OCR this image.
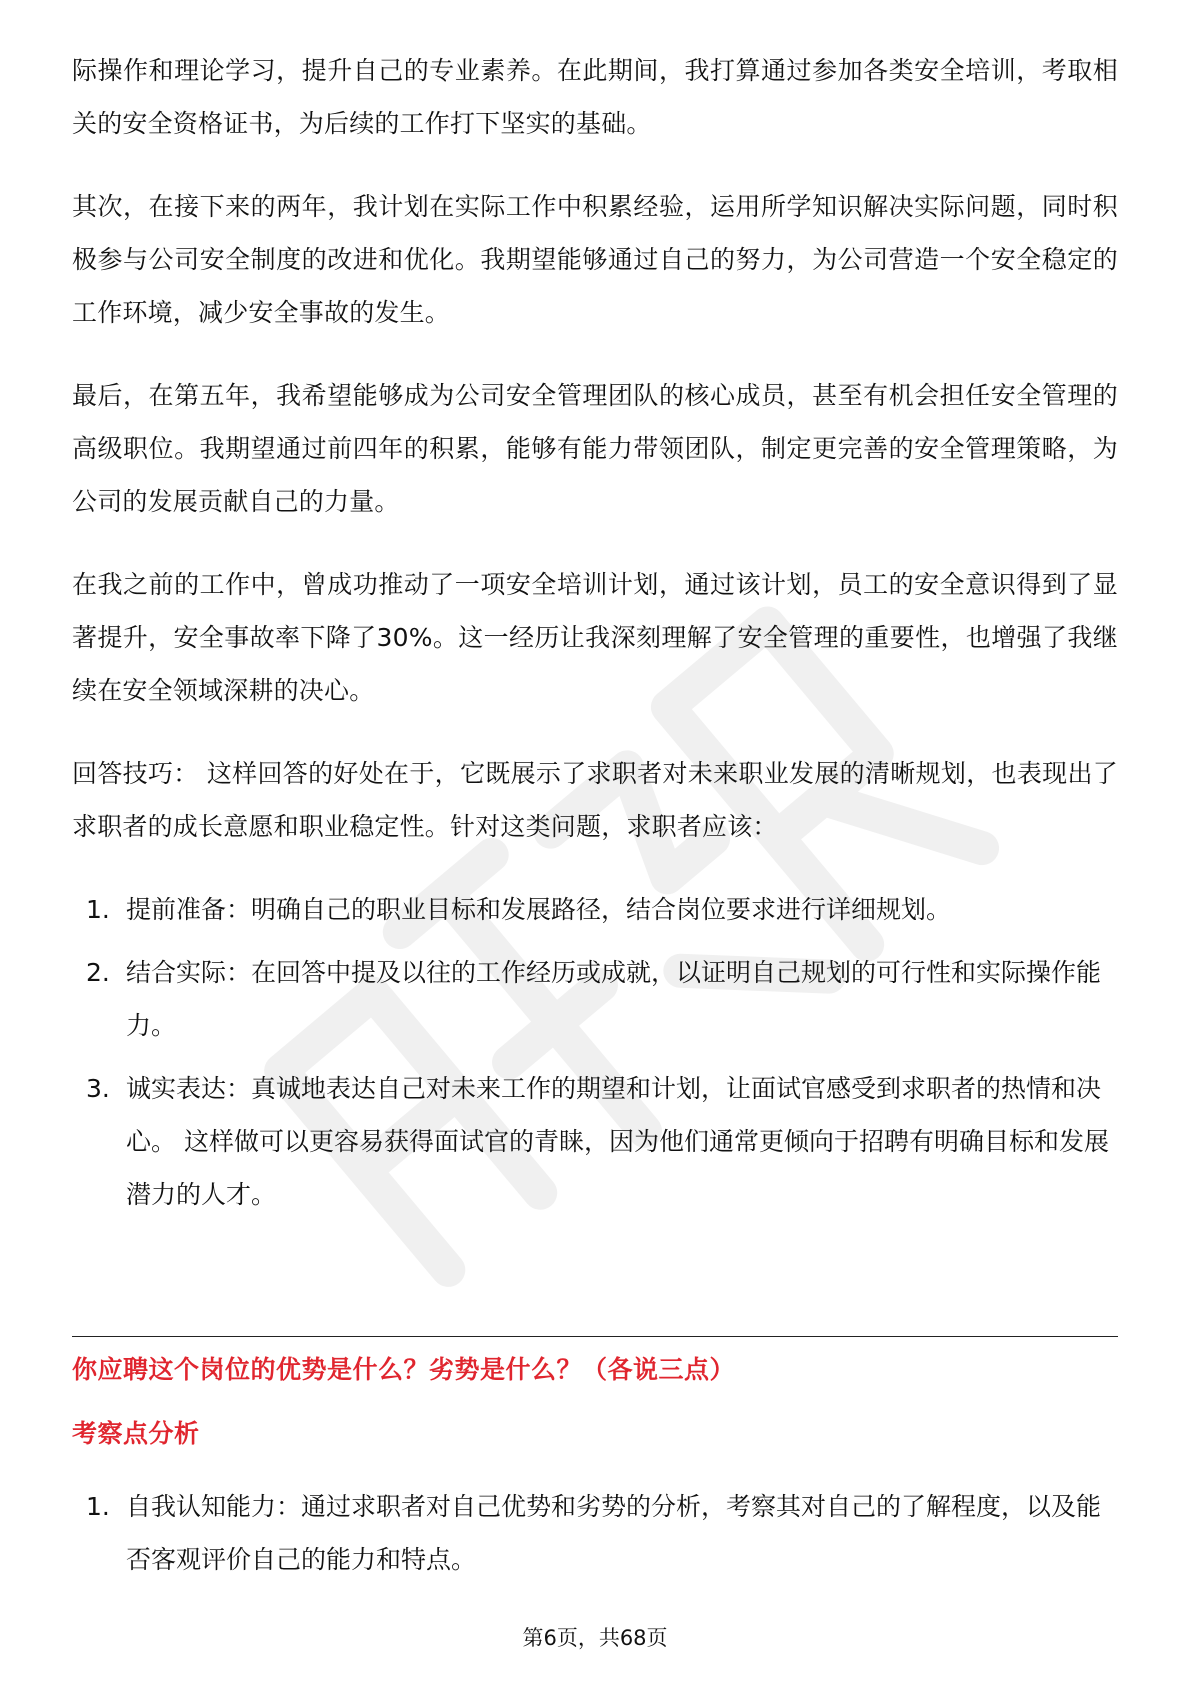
际操作和理论学习，提升自己的专业素养。在此期间，我打算通过参加各类安全培训，考取相关的安全资格证书，为后续的工作打下坚实的基础。

其次，在接下来的两年，我计划在实际工作中积累经验，运用所学知识解决实际问题，同时积极参与公司安全制度的改进和优化。我期望能够通过自己的努力，为公司营造一个安全稳定的工作环境，减少安全事故的发生。

最后，在第五年，我希望能够成为公司安全管理团队的核心成员，甚至有机会担任安全管理的高级职位。我期望通过前四年的积累，能够有能力带领团队，制定更完善的安全管理策略，为公司的发展贡献自己的力量。

在我之前的工作中，曾成功推动了一项安全培训计划，通过该计划，员工的安全意识得到了显著提升，安全事故率下降了30%。这一经历让我深刻理解了安全管理的重要性，也增强了我继续在安全领域深耕的决心。

回答技巧： 这样回答的好处在于，它既展示了求职者对未来职业发展的清晰规划，也表现出了求职者的成长意愿和职业稳定性。针对这类问题，求职者应该：

1. 提前准备：明确自己的职业目标和发展路径，结合岗位要求进行详细规划。
2. 结合实际：在回答中提及以往的工作经历或成就，以证明自己规划的可行性和实际操作能力。
3. 诚实表达：真诚地表达自己对未来工作的期望和计划，让面试官感受到求职者的热情和决心。 这样做可以更容易获得面试官的青睐，因为他们通常更倾向于招聘有明确目标和发展潜力的人才。
你应聘这个岗位的优势是什么？劣势是什么？（各说三点）
考察点分析
1. 自我认知能力：通过求职者对自己优势和劣势的分析，考察其对自己的了解程度，以及能否客观评价自己的能力和特点。
第6页，共68页
